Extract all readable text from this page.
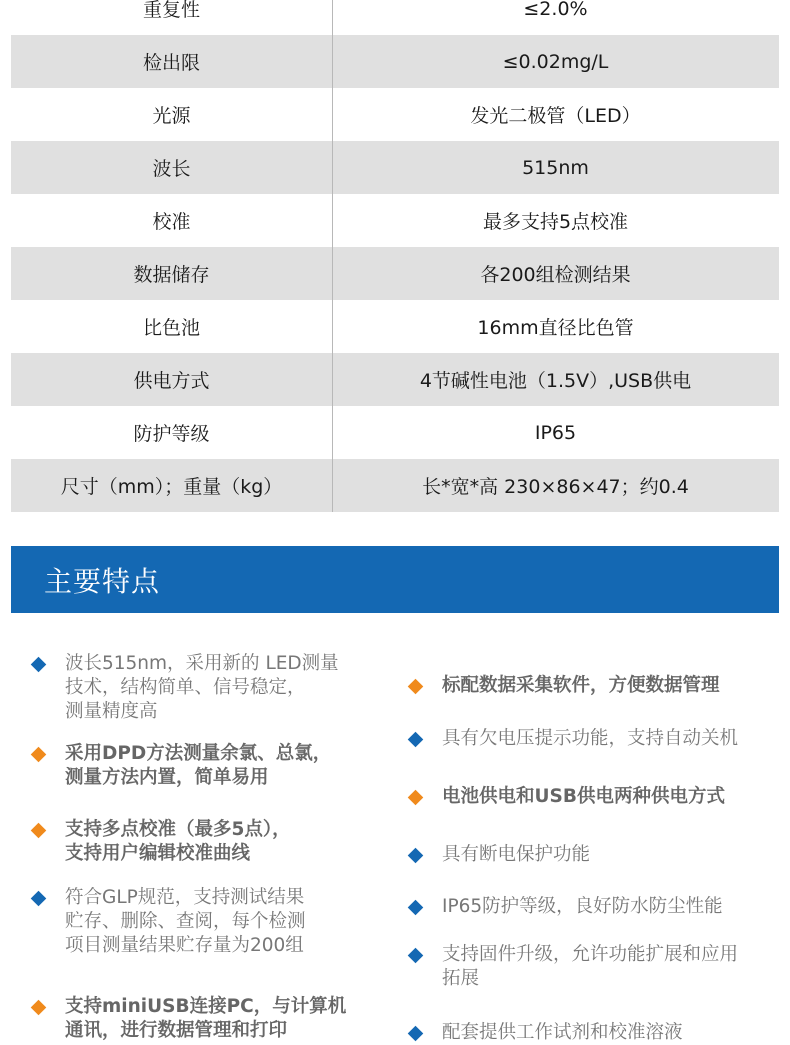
重复性	≤2.0%
检出限	≤0.02mg/L
光源	发光二极管（LED）
波长	515nm
校准	最多支持5点校准
数据储存	各200组检测结果
比色池	16mm直径比色管
供电方式	4节碱性电池（1.5V）,USB供电
防护等级	IP65
尺寸（mm）；重量（kg）	长*宽*高 230×86×47；约0.4
主要特点
波长515nm，采用新的 LED测量
技术，结构简单、信号稳定，
测量精度高
采用DPD方法测量余氯、总氯，
测量方法内置，简单易用
支持多点校准（最多5点），
支持用户编辑校准曲线
符合GLP规范，支持测试结果
贮存、删除、查阅，每个检测
项目测量结果贮存量为200组
支持miniUSB连接PC，与计算机
通讯，进行数据管理和打印
标配数据采集软件，方便数据管理
具有欠电压提示功能，支持自动关机
电池供电和USB供电两种供电方式
具有断电保护功能
IP65防护等级，良好防水防尘性能
支持固件升级，允许功能扩展和应用
拓展
配套提供工作试剂和校准溶液
